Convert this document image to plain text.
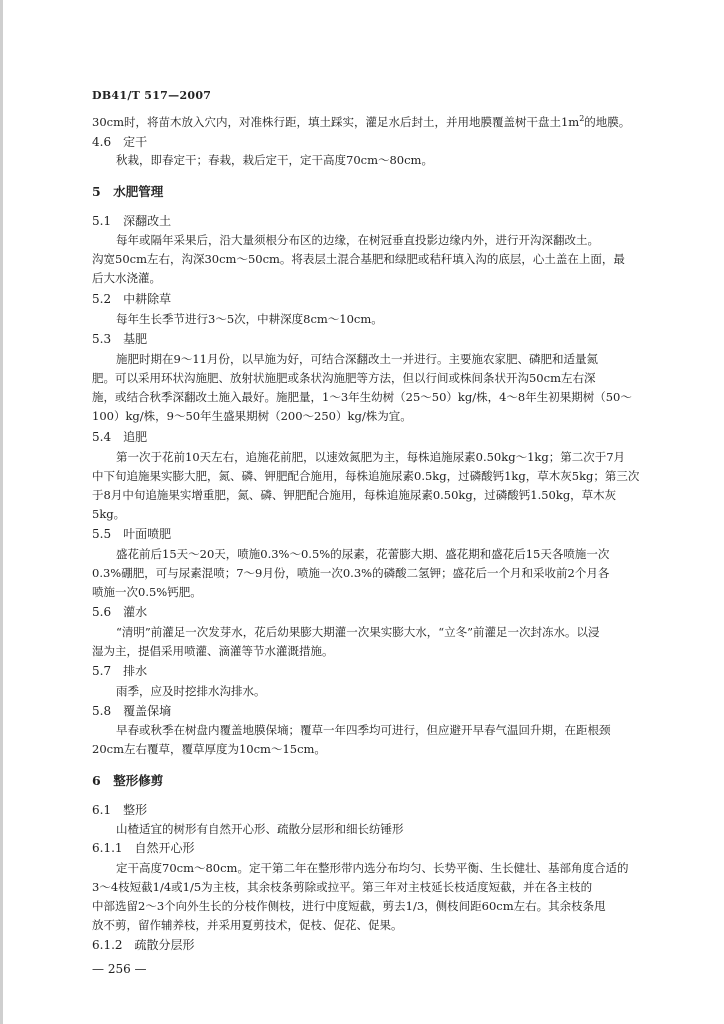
DB41/T 517—2007
30cm时，将苗木放入穴内，对准株行距，填土踩实，灌足水后封土，并用地膜覆盖树干盘土$1m^2$的地膜。
4.6　定干
秋栽，即春定干；春栽，栽后定干，定干高度70cm～80cm。
5　水肥管理
5.1　深翻改土
每年或隔年采果后，沿大量须根分布区的边缘，在树冠垂直投影边缘内外，进行开沟深翻改土。
沟宽50cm左右，沟深30cm～50cm。将表层土混合基肥和绿肥或秸秆填入沟的底层，心土盖在上面，最
后大水浇灌。
5.2　中耕除草
每年生长季节进行3～5次，中耕深度8cm～10cm。
5.3　基肥
施肥时期在9～11月份，以早施为好，可结合深翻改土一并进行。主要施农家肥、磷肥和适量氮
肥。可以采用环状沟施肥、放射状施肥或条状沟施肥等方法，但以行间或株间条状开沟50cm左右深
施，或结合秋季深翻改土施入最好。施肥量，1～3年生幼树（25～50）kg/株，4～8年生初果期树（50～
100）kg/株，9～50年生盛果期树（200～250）kg/株为宜。
5.4　追肥
第一次于花前10天左右，追施花前肥，以速效氮肥为主，每株追施尿素0.50kg～1kg；第二次于7月
中下旬追施果实膨大肥，氮、磷、钾肥配合施用，每株追施尿素0.5kg，过磷酸钙1kg，草木灰5kg；第三次
于8月中旬追施果实增重肥，氮、磷、钾肥配合施用，每株追施尿素0.50kg，过磷酸钙1.50kg，草木灰
5kg。
5.5　叶面喷肥
盛花前后15天～20天，喷施0.3%～0.5%的尿素，花蕾膨大期、盛花期和盛花后15天各喷施一次
0.3%硼肥，可与尿素混喷；7～9月份，喷施一次0.3%的磷酸二氢钾；盛花后一个月和采收前2个月各
喷施一次0.5%钙肥。
5.6　灌水
“清明”前灌足一次发芽水，花后幼果膨大期灌一次果实膨大水，“立冬”前灌足一次封冻水。以浸
湿为主，提倡采用喷灌、滴灌等节水灌溉措施。
5.7　排水
雨季，应及时挖排水沟排水。
5.8　覆盖保墒
早春或秋季在树盘内覆盖地膜保墒；覆草一年四季均可进行，但应避开早春气温回升期，在距根颈
20cm左右覆草，覆草厚度为10cm～15cm。
6　整形修剪
6.1　整形
山楂适宜的树形有自然开心形、疏散分层形和细长纺锤形
6.1.1　自然开心形
定干高度70cm～80cm。定干第二年在整形带内选分布均匀、长势平衡、生长健壮、基部角度合适的
3～4枝短截1/4或1/5为主枝，其余枝条剪除或拉平。第三年对主枝延长枝适度短截，并在各主枝的
中部选留2～3个向外生长的分枝作侧枝，进行中度短截，剪去1/3，侧枝间距60cm左右。其余枝条甩
放不剪，留作辅养枝，并采用夏剪技术，促枝、促花、促果。
6.1.2　疏散分层形
— 256 —
